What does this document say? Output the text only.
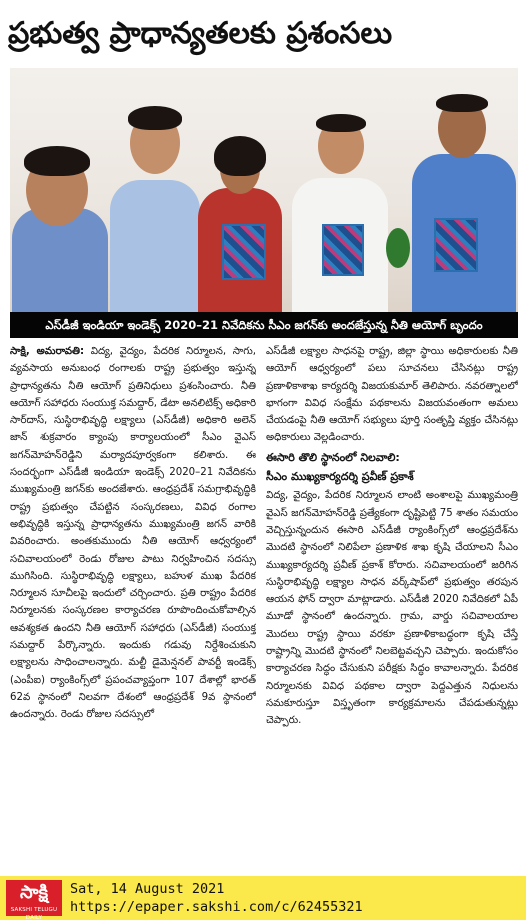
ప్రభుత్వ ప్రాధాన్యతలకు ప్రశంసలు
ఎస్‌డీజీ ఇండియా ఇండెక్స్ 2020–21 నివేదికను సీఎం జగన్‌కు అందజేస్తున్న నీతి ఆయోగ్ బృందం

సాక్షి, అమరావతి: విద్య, వైద్యం, పేదరిక నిర్మూలన, సాగు, వ్యవసాయ అనుబంధ రంగాలకు రాష్ట్ర ప్రభుత్వం ఇస్తున్న ప్రాధాన్యతను నీతి ఆయోగ్ ప్రతినిధులు ప్రశంసించారు. నీతి ఆయోగ్ సహాధరు సంయుక్త సమద్దార్, డేటా అనలిటిక్స్ అధికారి సార్‌దాస్, సుస్థిరాభివృద్ధి లక్ష్యాలు (ఎస్‌డీజీ) అధికారి అలెన్ జాన్ శుక్రవారం క్యాంపు కార్యాలయంలో సీఎం వైఎస్ జగన్‌మోహన్‌రెడ్డిని మర్యాదపూర్వకంగా కలిశారు. ఈ సందర్భంగా ఎస్‌డీజీ ఇండియా ఇండెక్స్ 2020–21 నివేదికను ముఖ్యమంత్రి జగన్‌కు అందజేశారు. ఆంధ్రప్రదేశ్ సమగ్రాభివృద్ధికి రాష్ట్ర ప్రభుత్వం చేపట్టిన సంస్కరణలు, వివిధ రంగాల అభివృద్ధికి ఇస్తున్న ప్రాధాన్యతను ముఖ్యమంత్రి జగన్ వారికి వివరించారు. అంతకుముందు నీతి ఆయోగ్ ఆధ్వర్యంలో సచివాలయంలో రెండు రోజుల పాటు నిర్వహించిన సదస్సు ముగిసింది. సుస్థిరాభివృద్ధి లక్ష్యాలు, బహుళ ముఖ పేదరిక నిర్మూలన సూచీలపై ఇందులో చర్చించారు. ప్రతి రాష్ట్రం పేదరిక నిర్మూలనకు సంస్కరణల కార్యాచరణ రూపొందించుకోవాల్సిన ఆవశ్యకత ఉందని నీతి ఆయోగ్ సహాధరు (ఎస్‌డీజీ) సంయుక్త సమద్దార్ పేర్కొన్నారు. ఇందుకు గడువు నిర్దేశించుకుని లక్ష్యాలను సాధించాలన్నారు. మల్టీ డైమెన్షనల్ పావర్టీ ఇండెక్స్ (ఎంపీఐ) ర్యాంకింగ్స్‌లో ప్రపంచవ్యాప్తంగా 107 దేశాల్లో భారత్ 62వ స్థానంలో నిలవగా దేశంలో ఆంధ్రప్రదేశ్ 9వ స్థానంలో ఉందన్నారు. రెండు రోజుల సదస్సులో

ఎస్‌డీజీ లక్ష్యాల సాధనపై రాష్ట్ర, జిల్లా స్థాయి అధికారులకు నీతి ఆయోగ్ ఆధ్వర్యంలో పలు సూచనలు చేసినట్లు రాష్ట్ర ప్రణాళికాశాఖ కార్యదర్శి విజయకుమార్ తెలిపారు. నవరత్నాలలో భాగంగా వివిధ సంక్షేమ పథకాలను విజయవంతంగా అమలు చేయడంపై నీతి ఆయోగ్ సభ్యులు పూర్తి సంతృప్తి వ్యక్తం చేసినట్లు అధికారులు వెల్లడించారు.

ఈసారి తొలి స్థానంలో నిలవాలి:

సీఎం ముఖ్యకార్యదర్శి ప్రవీణ్ ప్రకాశ్

విద్య, వైద్యం, పేదరిక నిర్మూలన లాంటి అంశాలపై ముఖ్యమంత్రి వైఎస్ జగన్‌మోహన్‌రెడ్డి ప్రత్యేకంగా దృష్టిపెట్టి 75 శాతం సమయం వెచ్చిస్తున్నందున ఈసారి ఎస్‌డీజీ ర్యాంకింగ్స్‌లో ఆంధ్రప్రదేశ్‌ను మొదటి స్థానంలో నిలిపేలా ప్రణాళిక శాఖ కృషి చేయాలని సీఎం ముఖ్యకార్యదర్శి ప్రవీణ్ ప్రకాశ్ కోరారు. సచివాలయంలో జరిగిన సుస్థిరాభివృద్ధి లక్ష్యాల సాధన వర్క్‌షాప్‌లో ప్రభుత్వం తరపున ఆయన ఫోన్ ద్వారా మాట్లాడారు. ఎస్‌డీజీ 2020 నివేదికలో ఏపీ మూడో స్థానంలో ఉందన్నారు. గ్రామ, వార్డు సచివాలయాల మొదలు రాష్ట్ర స్థాయి వరకూ ప్రణాళికాబద్ధంగా కృషి చేస్తే రాష్ట్రాన్ని మొదటి స్థానంలో నిలబెట్టవచ్చని చెప్పారు. ఇందుకోసం కార్యాచరణ సిద్ధం చేసుకుని పరీక్షకు సిద్ధం కావాలన్నారు. పేదరిక నిర్మూలనకు వివిధ పథకాల ద్వారా పెద్దఎత్తున నిధులను సమకూరుస్తూ విస్తృతంగా కార్యక్రమాలను చేపడుతున్నట్లు చెప్పారు.

సాక్షి
SAKSHI TELUGU DAILY
Sat, 14 August 2021
https://epaper.sakshi.com/c/62455321
